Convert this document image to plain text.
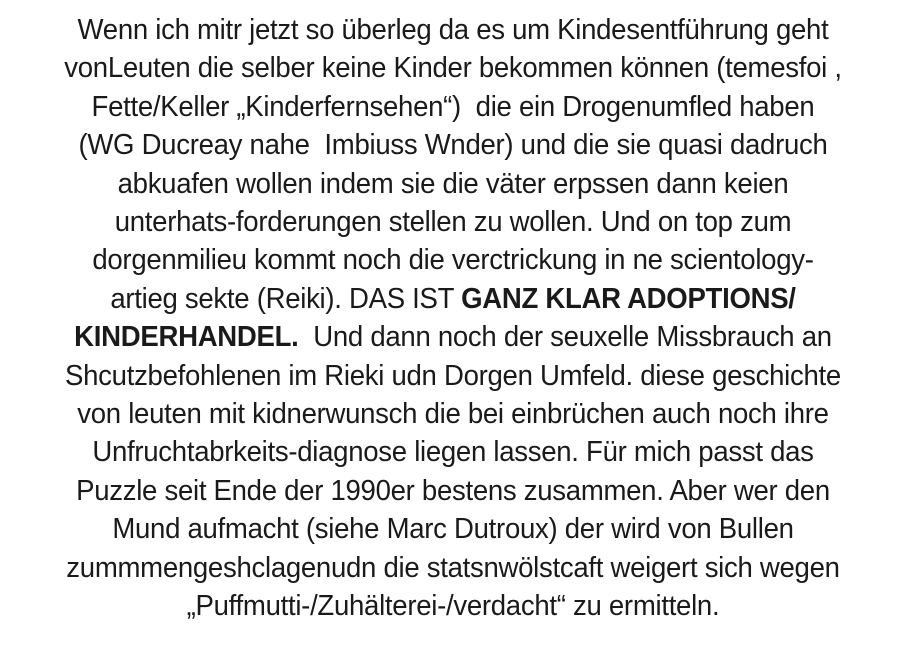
Wenn ich mitr jetzt so überleg da es um Kindesentführung geht
vonLeuten die selber keine Kinder bekommen können (temesfoi ,
Fette/Keller „Kinderfernsehen“)  die ein Drogenumfled haben
(WG Ducreay nahe  Imbiuss Wnder) und die sie quasi dadruch
abkuafen wollen indem sie die väter erpssen dann keien
unterhats-forderungen stellen zu wollen. Und on top zum
dorgenmilieu kommt noch die verctrickung in ne scientology-
artieg sekte (Reiki). DAS IST GANZ KLAR ADOPTIONS/
KINDERHANDEL.  Und dann noch der seuxelle Missbrauch an
Shcutzbefohlenen im Rieki udn Dorgen Umfeld. diese geschichte
von leuten mit kidnerwunsch die bei einbrüchen auch noch ihre
Unfruchtabrkeits-diagnose liegen lassen. Für mich passt das
Puzzle seit Ende der 1990er bestens zusammen. Aber wer den
Mund aufmacht (siehe Marc Dutroux) der wird von Bullen
zummmengeshclagenudn die statsnwölstcaft weigert sich wegen
„Puffmutti-/Zuhälterei-/verdacht“ zu ermitteln.
